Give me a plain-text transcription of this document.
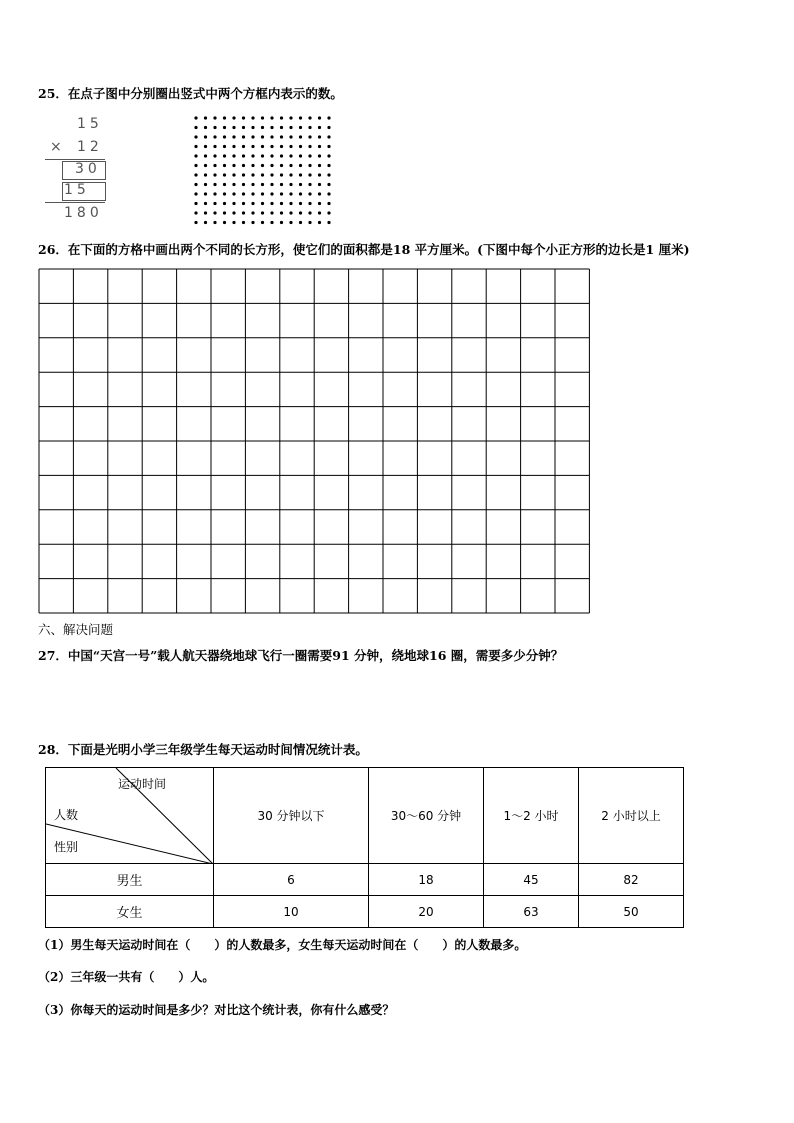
25．在点子图中分别圈出竖式中两个方框内表示的数。
15
× 12
30
15
180
26．在下面的方格中画出两个不同的长方形，使它们的面积都是18 平方厘米。(下图中每个小正方形的边长是1 厘米)
六、解决问题
27．中国“天宫一号”载人航天器绕地球飞行一圈需要91 分钟，绕地球16 圈，需要多少分钟？
28．下面是光明小学三年级学生每天运动时间情况统计表。
运动时间
人数
性别	30 分钟以下	30～60 分钟	1～2 小时	2 小时以上
男生	6	18	45	82
女生	10	20	63	50
（1）男生每天运动时间在（　　）的人数最多，女生每天运动时间在（　　）的人数最多。
（2）三年级一共有（　　）人。
（3）你每天的运动时间是多少？对比这个统计表，你有什么感受？
